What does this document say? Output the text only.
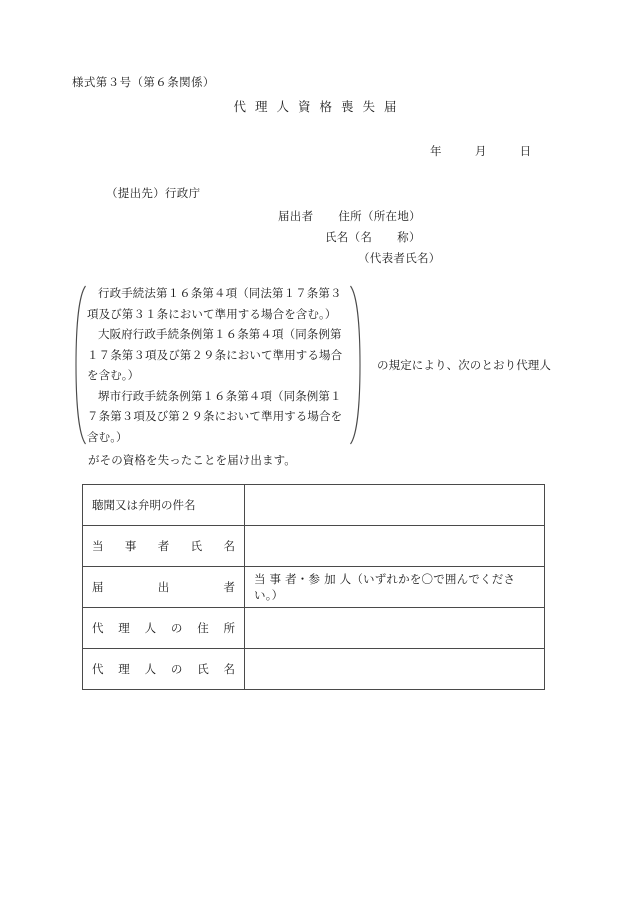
様式第３号（第６条関係）
代理人資格喪失届
年	月	日
（提出先）行政庁
届出者 住所（所在地）
氏名（名 称）
（代表者氏名）

行政手続法第１６条第４項（同法第１７条第３項及び第３１条において準用する場合を含む。）

大阪府行政手続条例第１６条第４項（同条例第１７条第３項及び第２９条において準用する場合を含む。）

堺市行政手続条例第１６条第４項（同条例第１７条第３項及び第２９条において準用する場合を含む。）

の規定により、次のとおり代理人
がその資格を失ったことを届け出ます。
聴聞又は弁明の件名	

当事者氏名	

届出者	当 事 者・参 加 人（いずれかを〇で囲んでください。）

代理人の住所	

代理人の氏名	
